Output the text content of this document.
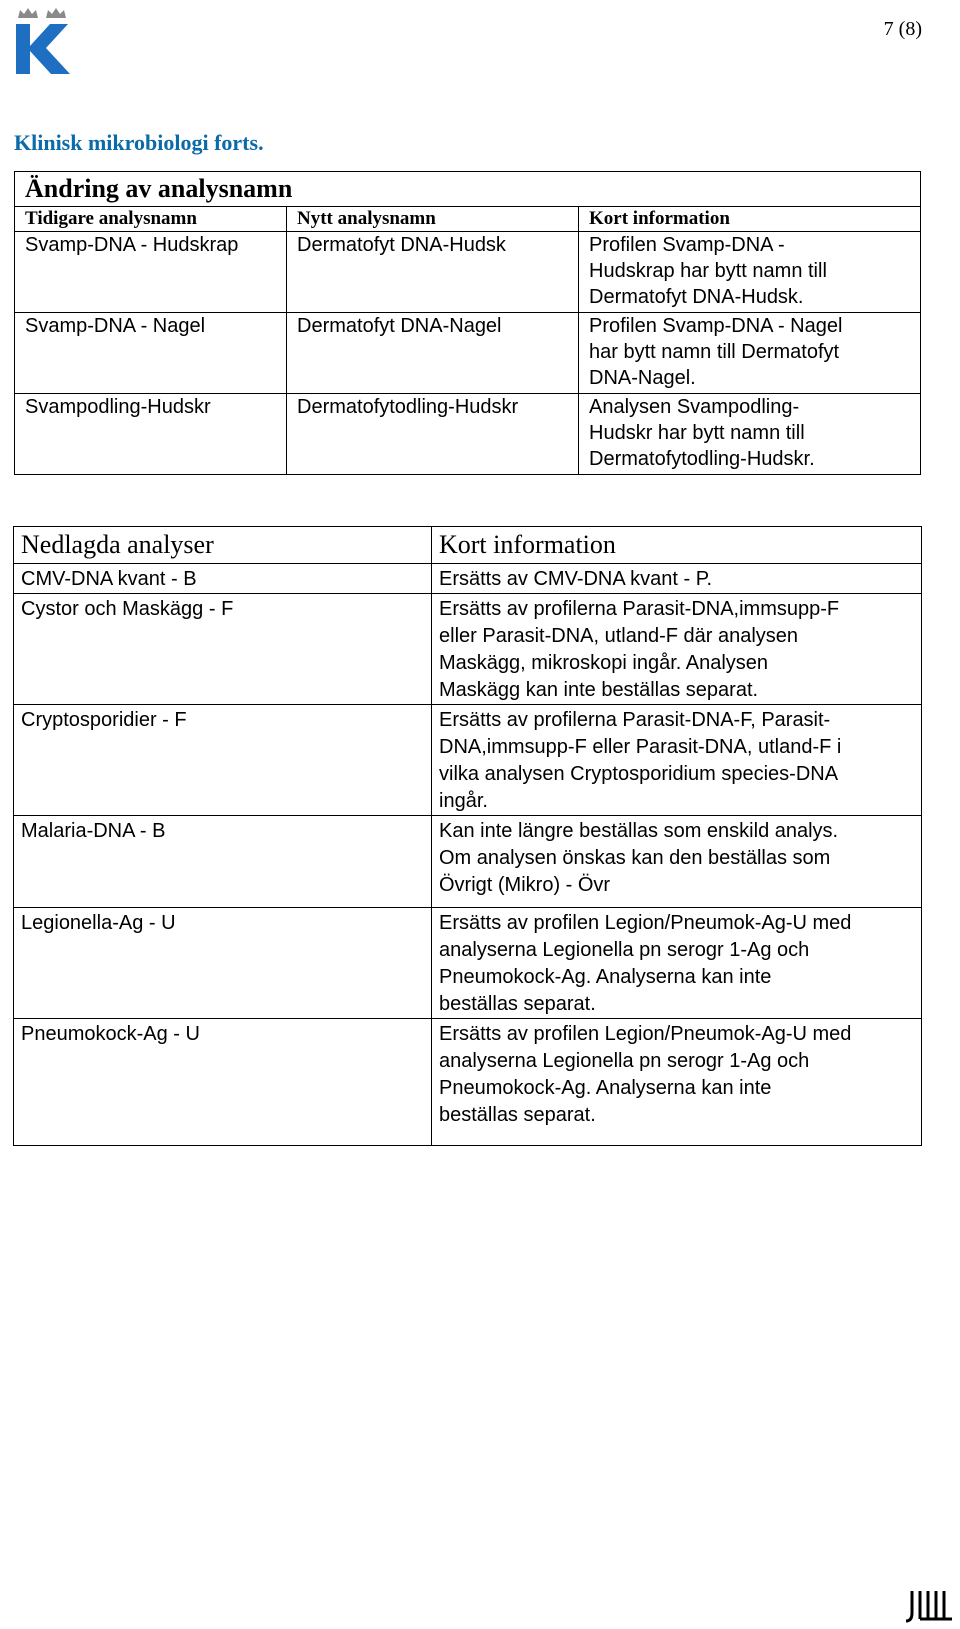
7 (8)
Klinisk mikrobiologi forts.
Ändring av analysnamn		
Tidigare analysnamn	Nytt analysnamn	Kort information
Svamp-DNA - Hudskrap	Dermatofyt DNA-Hudsk	Profilen Svamp-DNA -
Hudskrap har bytt namn till
Dermatofyt DNA-Hudsk.

Svamp-DNA - Nagel	Dermatofyt DNA-Nagel	Profilen Svamp-DNA - Nagel
har bytt namn till Dermatofyt
DNA-Nagel.

Svampodling-Hudskr	Dermatofytodling-Hudskr	Analysen Svampodling-
Hudskr har bytt namn till
Dermatofytodling-Hudskr.
Nedlagda analyser	Kort information
CMV-DNA kvant - B	Ersätts av CMV-DNA kvant - P.

Cystor och Maskägg - F	Ersätts av profilerna Parasit-DNA,immsupp-F
eller Parasit-DNA, utland-F där analysen
Maskägg, mikroskopi ingår. Analysen
Maskägg kan inte beställas separat.

Cryptosporidier - F	Ersätts av profilerna Parasit-DNA-F, Parasit-
DNA,immsupp-F eller Parasit-DNA, utland-F i
vilka analysen Cryptosporidium species-DNA
ingår.

Malaria-DNA - B	Kan inte längre beställas som enskild analys.
Om analysen önskas kan den beställas som
Övrigt (Mikro) - Övr

Legionella-Ag - U	Ersätts av profilen Legion/Pneumok-Ag-U med
analyserna Legionella pn serogr 1-Ag och
Pneumokock-Ag. Analyserna kan inte
beställas separat.

Pneumokock-Ag - U	Ersätts av profilen Legion/Pneumok-Ag-U med
analyserna Legionella pn serogr 1-Ag och
Pneumokock-Ag. Analyserna kan inte
beställas separat.
